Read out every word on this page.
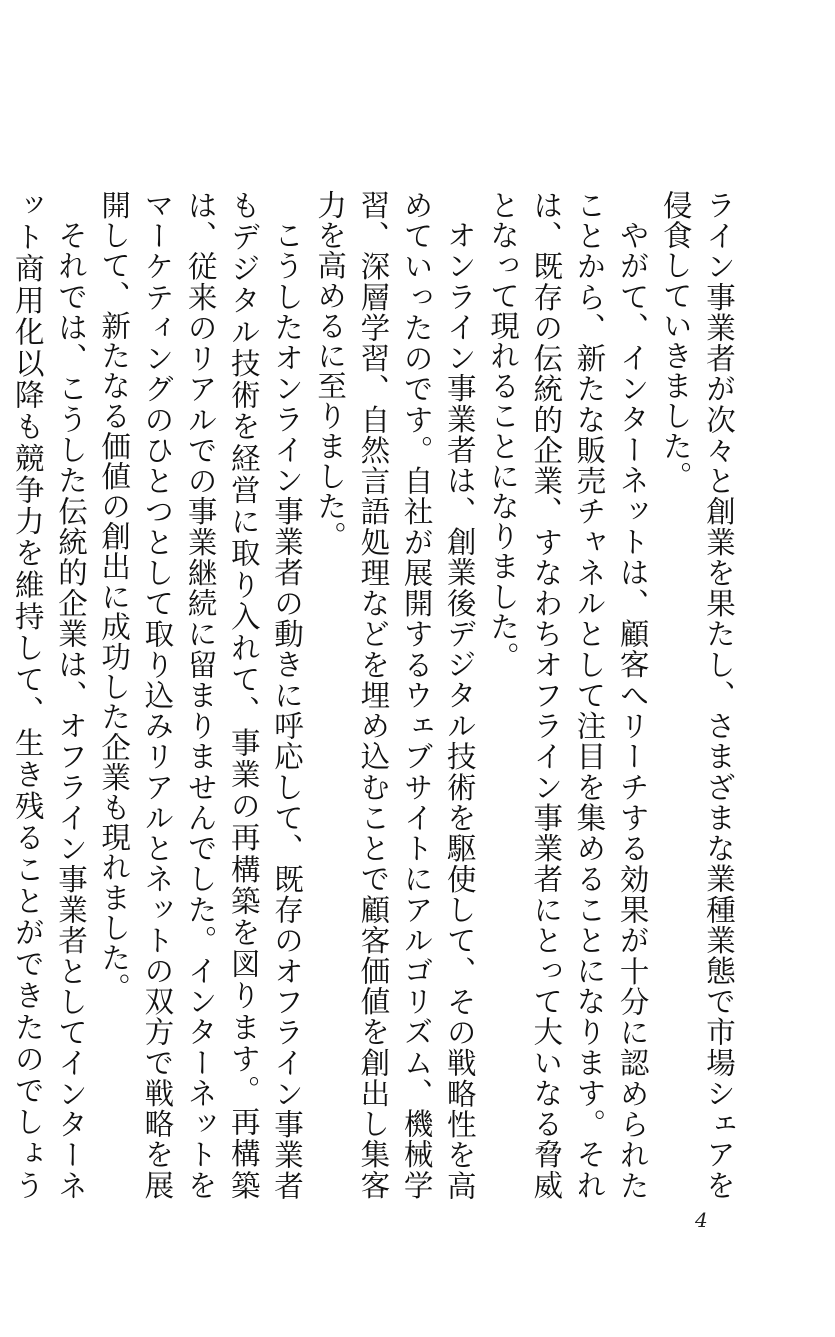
ライン事業者が次々と創業を果たし、さまざまな業種業態で市場シェアを侵食していきました。

やがて、インターネットは、顧客へリーチする効果が十分に認められたことから、新たな販売チャネルとして注目を集めることになります。それは、既存の伝統的企業、すなわちオフライン事業者にとって大いなる脅威となって現れることになりました。

オンライン事業者は、創業後デジタル技術を駆使して、その戦略性を高めていったのです。自社が展開するウェブサイトにアルゴリズム、機械学習、深層学習、自然言語処理などを埋め込むことで顧客価値を創出し集客力を高めるに至りました。

こうしたオンライン事業者の動きに呼応して、既存のオフライン事業者もデジタル技術を経営に取り入れて、事業の再構築を図ります。再構築は、従来のリアルでの事業継続に留まりませんでした。インターネットをマーケティングのひとつとして取り込みリアルとネットの双方で戦略を展開して、新たなる価値の創出に成功した企業も現れました。

それでは、こうした伝統的企業は、オフライン事業者としてインターネット商用化以降も競争力を維持して、生き残ることができたのでしょう

4
